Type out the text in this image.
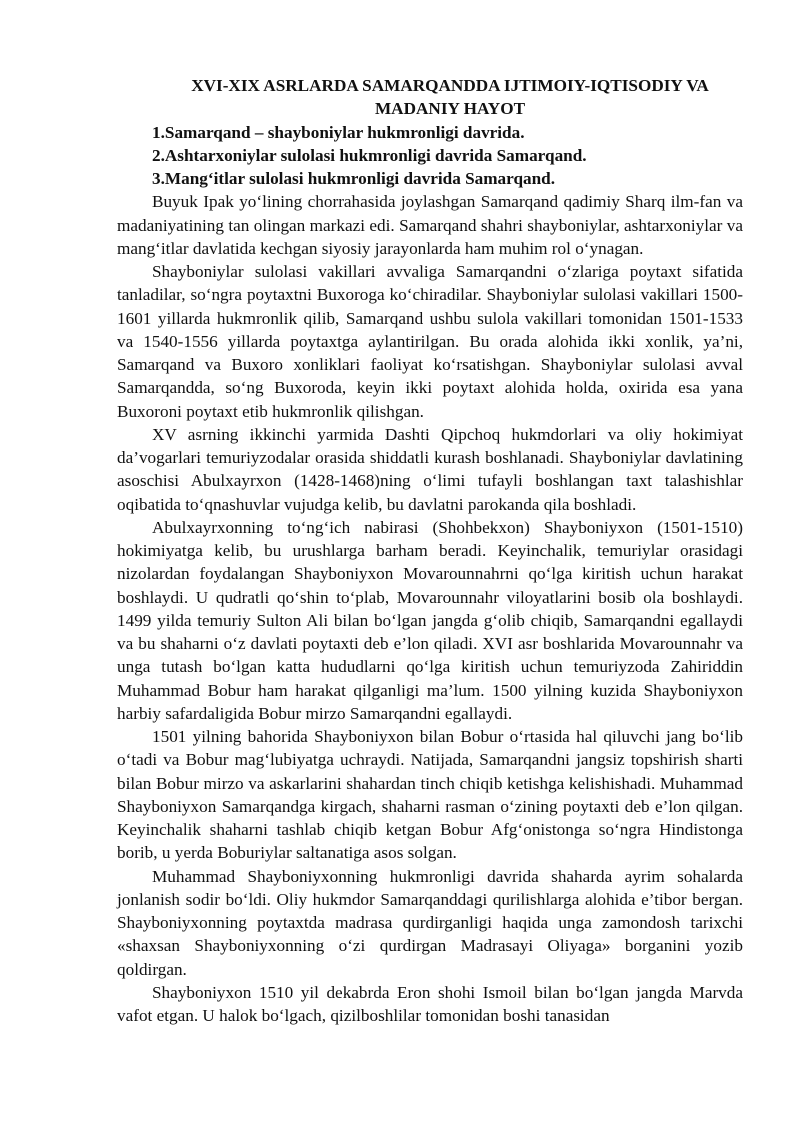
XVI-XIX ASRLARDA SAMARQANDDA IJTIMOIY-IQTISODIY VA MADANIY HAYOT
1.Samarqand – shayboniylar hukmronligi davrida.
2.Ashtarxoniylar sulolasi hukmronligi davrida Samarqand.
3.Mang‘itlar sulolasi hukmronligi davrida Samarqand.

Buyuk Ipak yo‘lining chorrahasida joylashgan Samarqand qadimiy Sharq ilm-fan va madaniyatining tan olingan markazi edi. Samarqand shahri shayboniylar, ashtarxoniylar va mang‘itlar davlatida kechgan siyosiy jarayonlarda ham muhim rol o‘ynagan.

Shayboniylar sulolasi vakillari avvaliga Samarqandni o‘zlariga poytaxt sifatida tanladilar, so‘ngra poytaxtni Buxoroga ko‘chiradilar. Shayboniylar sulolasi vakillari 1500-1601 yillarda hukmronlik qilib, Samarqand ushbu sulola vakillari tomonidan 1501-1533 va 1540-1556 yillarda poytaxtga aylantirilgan. Bu orada alohida ikki xonlik, ya’ni, Samarqand va Buxoro xonliklari faoliyat ko‘rsatishgan. Shayboniylar sulolasi avval Samarqandda, so‘ng Buxoroda, keyin ikki poytaxt alohida holda, oxirida esa yana Buxoroni poytaxt etib hukmronlik qilishgan.

XV asrning ikkinchi yarmida Dashti Qipchoq hukmdorlari va oliy hokimiyat da’vogarlari temuriyzodalar orasida shiddatli kurash boshlanadi. Shayboniylar davlatining asoschisi Abulxayrxon (1428-1468)ning o‘limi tufayli boshlangan taxt talashishlar oqibatida to‘qnashuvlar vujudga kelib, bu davlatni parokanda qila boshladi.

Abulxayrxonning to‘ng‘ich nabirasi (Shohbekxon) Shayboniyxon (1501-1510) hokimiyatga kelib, bu urushlarga barham beradi. Keyinchalik, temuriylar orasidagi nizolardan foydalangan Shayboniyxon Movarounnahrni qo‘lga kiritish uchun harakat boshlaydi. U qudratli qo‘shin to‘plab, Movarounnahr viloyatlarini bosib ola boshlaydi. 1499 yilda temuriy Sulton Ali bilan bo‘lgan jangda g‘olib chiqib, Samarqandni egallaydi va bu shaharni o‘z davlati poytaxti deb e’lon qiladi. XVI asr boshlarida Movarounnahr va unga tutash bo‘lgan katta hududlarni qo‘lga kiritish uchun temuriyzoda Zahiriddin Muhammad Bobur ham harakat qilganligi ma’lum. 1500 yilning kuzida Shayboniyxon harbiy safardaligida Bobur mirzo Samarqandni egallaydi.

1501 yilning bahorida Shayboniyxon bilan Bobur o‘rtasida hal qiluvchi jang bo‘lib o‘tadi va Bobur mag‘lubiyatga uchraydi. Natijada, Samarqandni jangsiz topshirish sharti bilan Bobur mirzo va askarlarini shahardan tinch chiqib ketishga kelishishadi. Muhammad Shayboniyxon Samarqandga kirgach, shaharni rasman o‘zining poytaxti deb e’lon qilgan. Keyinchalik shaharni tashlab chiqib ketgan Bobur Afg‘onistonga so‘ngra Hindistonga borib, u yerda Boburiylar saltanatiga asos solgan.

Muhammad Shayboniyxonning hukmronligi davrida shaharda ayrim sohalarda jonlanish sodir bo‘ldi. Oliy hukmdor Samarqanddagi qurilishlarga alohida e’tibor bergan. Shayboniyxonning poytaxtda madrasa qurdirganligi haqida unga zamondosh tarixchi «shaxsan Shayboniyxonning o‘zi qurdirgan Madrasayi Oliyaga» borganini yozib qoldirgan.

Shayboniyxon 1510 yil dekabrda Eron shohi Ismoil bilan bo‘lgan jangda Marvda vafot etgan. U halok bo‘lgach, qizilboshlilar tomonidan boshi tanasidan
